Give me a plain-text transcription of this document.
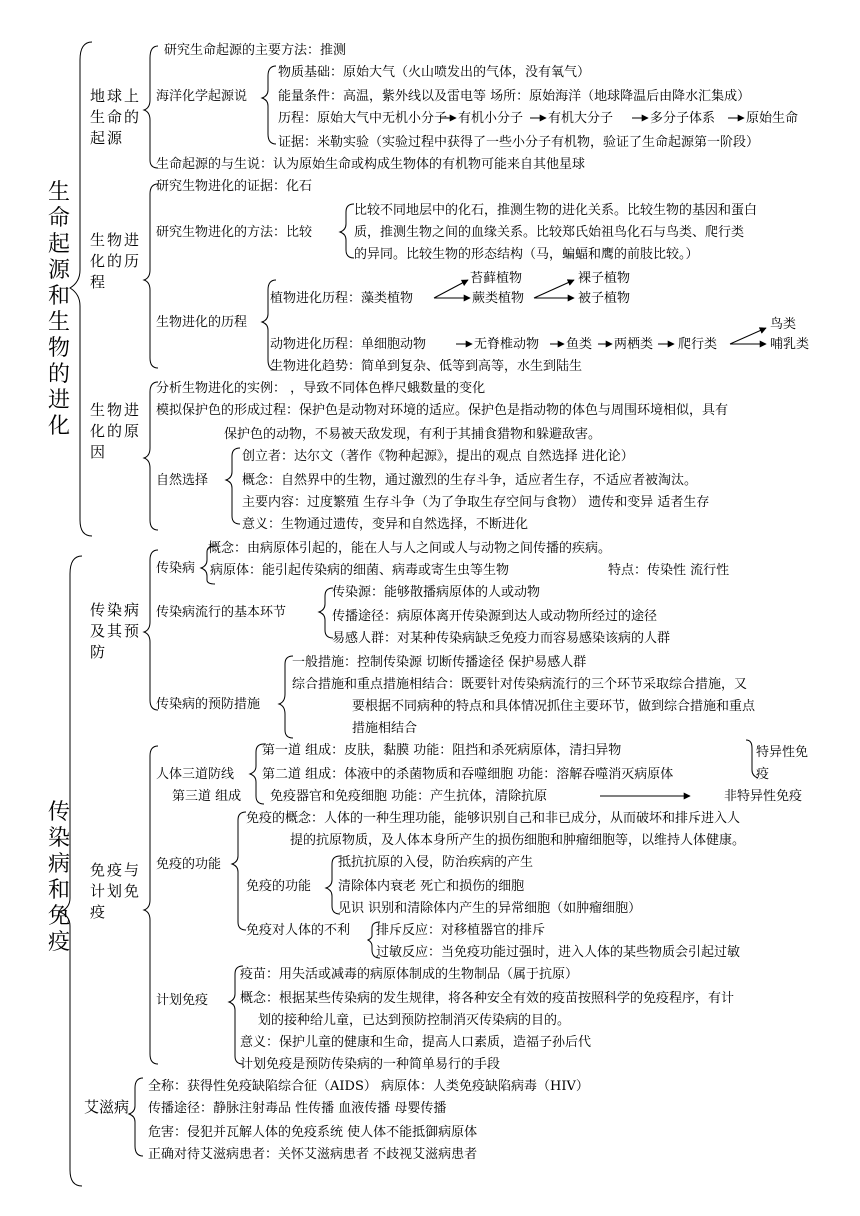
生命起源和生物的进化
传染病和免疫
地球上生命的起源
生物进化的历程
生物进化的原因
传染病及其预防
免疫与计划免疫
艾滋病
研究生命起源的主要方法：推测
海洋化学起源说
物质基础：原始大气（火山喷发出的气体，没有氧气）
能量条件：高温，紫外线以及雷电等 场所：原始海洋（地球降温后由降水汇集成）
历程：原始大气中无机小分子 有机小分子 有机大分子	多分子体系 原始生命
证据：米勒实验（实验过程中获得了一些小分子有机物，验证了生命起源第一阶段）
生命起源的与生说：认为原始生命或构成生物体的有机物可能来自其他星球
研究生物进化的证据：化石
研究生物进化的方法：比较
比较不同地层中的化石，推测生物的进化关系。比较生物的基因和蛋白
质，推测生物之间的血缘关系。比较郑氏始祖鸟化石与鸟类、爬行类
的异同。比较生物的形态结构（马，蝙蝠和鹰的前肢比较。）
生物进化的历程
植物进化历程：藻类植物
苔藓植物
蕨类植物
裸子植物
被子植物
动物进化历程：单细胞动物	无脊椎动物 鱼类 两栖类 爬行类
鸟类
哺乳类
生物进化趋势：简单到复杂、低等到高等，水生到陆生
分析生物进化的实例： ，导致不同体色桦尺蛾数量的变化
模拟保护色的形成过程：保护色是动物对环境的适应。保护色是指动物的体色与周围环境相似，具有
保护色的动物，不易被天敌发现，有利于其捕食猎物和躲避敌害。
自然选择
创立者：达尔文（著作《物种起源》，提出的观点 自然选择 进化论）
概念：自然界中的生物，通过激烈的生存斗争，适应者生存，不适应者被淘汰。
主要内容：过度繁殖 生存斗争（为了争取生存空间与食物） 遗传和变异 适者生存
意义：生物通过遗传，变异和自然选择，不断进化
传染病
概念：由病原体引起的，能在人与人之间或人与动物之间传播的疾病。
病原体：能引起传染病的细菌、病毒或寄生虫等生物	特点：传染性 流行性
传染病流行的基本环节
传染源：能够散播病原体的人或动物
传播途径：病原体离开传染源到达人或动物所经过的途径
易感人群：对某种传染病缺乏免疫力而容易感染该病的人群
传染病的预防措施
一般措施：控制传染源 切断传播途径 保护易感人群
综合措施和重点措施相结合：既要针对传染病流行的三个环节采取综合措施，又
要根据不同病种的特点和具体情况抓住主要环节，做到综合措施和重点
措施相结合
人体三道防线
第一道 组成：皮肤，黏膜 功能：阻挡和杀死病原体，清扫异物
第二道 组成：体液中的杀菌物质和吞噬细胞 功能：溶解吞噬消灭病原体
第三道 组成 免疫器官和免疫细胞 功能：产生抗体，清除抗原	非特异性免疫
特异性免疫
免疫的功能
免疫的概念：人体的一种生理功能，能够识别自己和非已成分，从而破坏和排斥进入人
提的抗原物质，及人体本身所产生的损伤细胞和肿瘤细胞等，以维持人体健康。
免疫的功能
抵抗抗原的入侵，防治疾病的产生
清除体内衰老 死亡和损伤的细胞
见识 识别和清除体内产生的异常细胞（如肿瘤细胞）
免疫对人体的不利 排斥反应：对移植器官的排斥
过敏反应：当免疫功能过强时，进入人体的某些物质会引起过敏
计划免疫
疫苗：用失活或减毒的病原体制成的生物制品（属于抗原）
概念：根据某些传染病的发生规律，将各种安全有效的疫苗按照科学的免疫程序，有计
划的接种给儿童，已达到预防控制消灭传染病的目的。
意义：保护儿童的健康和生命，提高人口素质，造福子孙后代
计划免疫是预防传染病的一种简单易行的手段
全称：获得性免疫缺陷综合征（AIDS） 病原体：人类免疫缺陷病毒（HIV）
传播途径：静脉注射毒品 性传播 血液传播 母婴传播
危害：侵犯并瓦解人体的免疫系统 使人体不能抵御病原体
正确对待艾滋病患者：关怀艾滋病患者 不歧视艾滋病患者
